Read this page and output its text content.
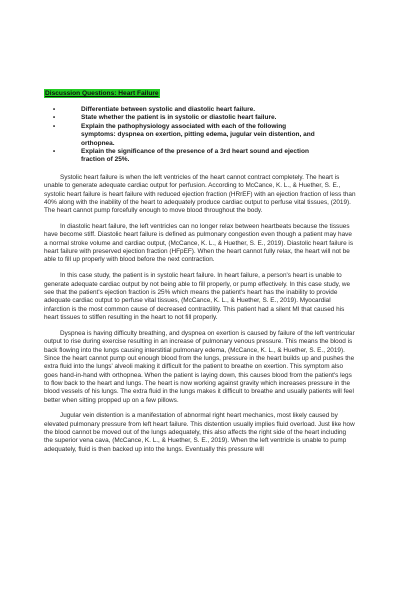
Discussion Questions: Heart Failure
•	Differentiate between systolic and diastolic heart failure.
•	State whether the patient is in systolic or diastolic heart failure.
•	Explain the pathophysiology associated with each of the following symptoms: dyspnea on exertion, pitting edema, jugular vein distention, and orthopnea.
•	Explain the significance of the presence of a 3rd heart sound and ejection fraction of 25%.

Systolic heart failure is when the left ventricles of the heart cannot contract completely. The heart is unable to generate adequate cardiac output for perfusion. According to McCance, K. L., & Huether, S. E., systolic heart failure is heart failure with reduced ejection fraction (HRrEF) with an ejection fraction of less than 40% along with the inability of the heart to adequately produce cardiac output to perfuse vital tissues, (2019). The heart cannot pump forcefully enough to move blood throughout the body.

In diastolic heart failure, the left ventricles can no longer relax between heartbeats because the tissues have become stiff. Diastolic heart failure is defined as pulmonary congestion even though a patient may have a normal stroke volume and cardiac output, (McCance, K. L., & Huether, S. E., 2019). Diastolic heart failure is heart failure with preserved ejection fraction (HFpEF). When the heart cannot fully relax, the heart will not be able to fill up properly with blood before the next contraction.

In this case study, the patient is in systolic heart failure. In heart failure, a person's heart is unable to generate adequate cardiac output by not being able to fill properly, or pump effectively. In this case study, we see that the patient's ejection fraction is 25% which means the patient's heart has the inability to provide adequate cardiac output to perfuse vital tissues, (McCance, K. L., & Huether, S. E., 2019). Myocardial infarction is the most common cause of decreased contractility. This patient had a silent MI that caused his heart tissues to stiffen resulting in the heart to not fill properly.

Dyspnea is having difficulty breathing, and dyspnea on exertion is caused by failure of the left ventricular output to rise during exercise resulting in an increase of pulmonary venous pressure. This means the blood is back flowing into the lungs causing interstitial pulmonary edema, (McCance, K. L., & Huether, S. E., 2019). Since the heart cannot pump out enough blood from the lungs, pressure in the heart builds up and pushes the extra fluid into the lungs' alveoli making it difficult for the patient to breathe on exertion. This symptom also goes hand-in-hand with orthopnea. When the patient is laying down, this causes blood from the patient's legs to flow back to the heart and lungs. The heart is now working against gravity which increases pressure in the blood vessels of his lungs. The extra fluid in the lungs makes it difficult to breathe and usually patients will feel better when sitting propped up on a few pillows.

Jugular vein distention is a manifestation of abnormal right heart mechanics, most likely caused by elevated pulmonary pressure from left heart failure. This distention usually implies fluid overload. Just like how the blood cannot be moved out of the lungs adequately, this also affects the right side of the heart including the superior vena cava, (McCance, K. L., & Huether, S. E., 2019). When the left ventricle is unable to pump adequately, fluid is then backed up into the lungs. Eventually this pressure will
